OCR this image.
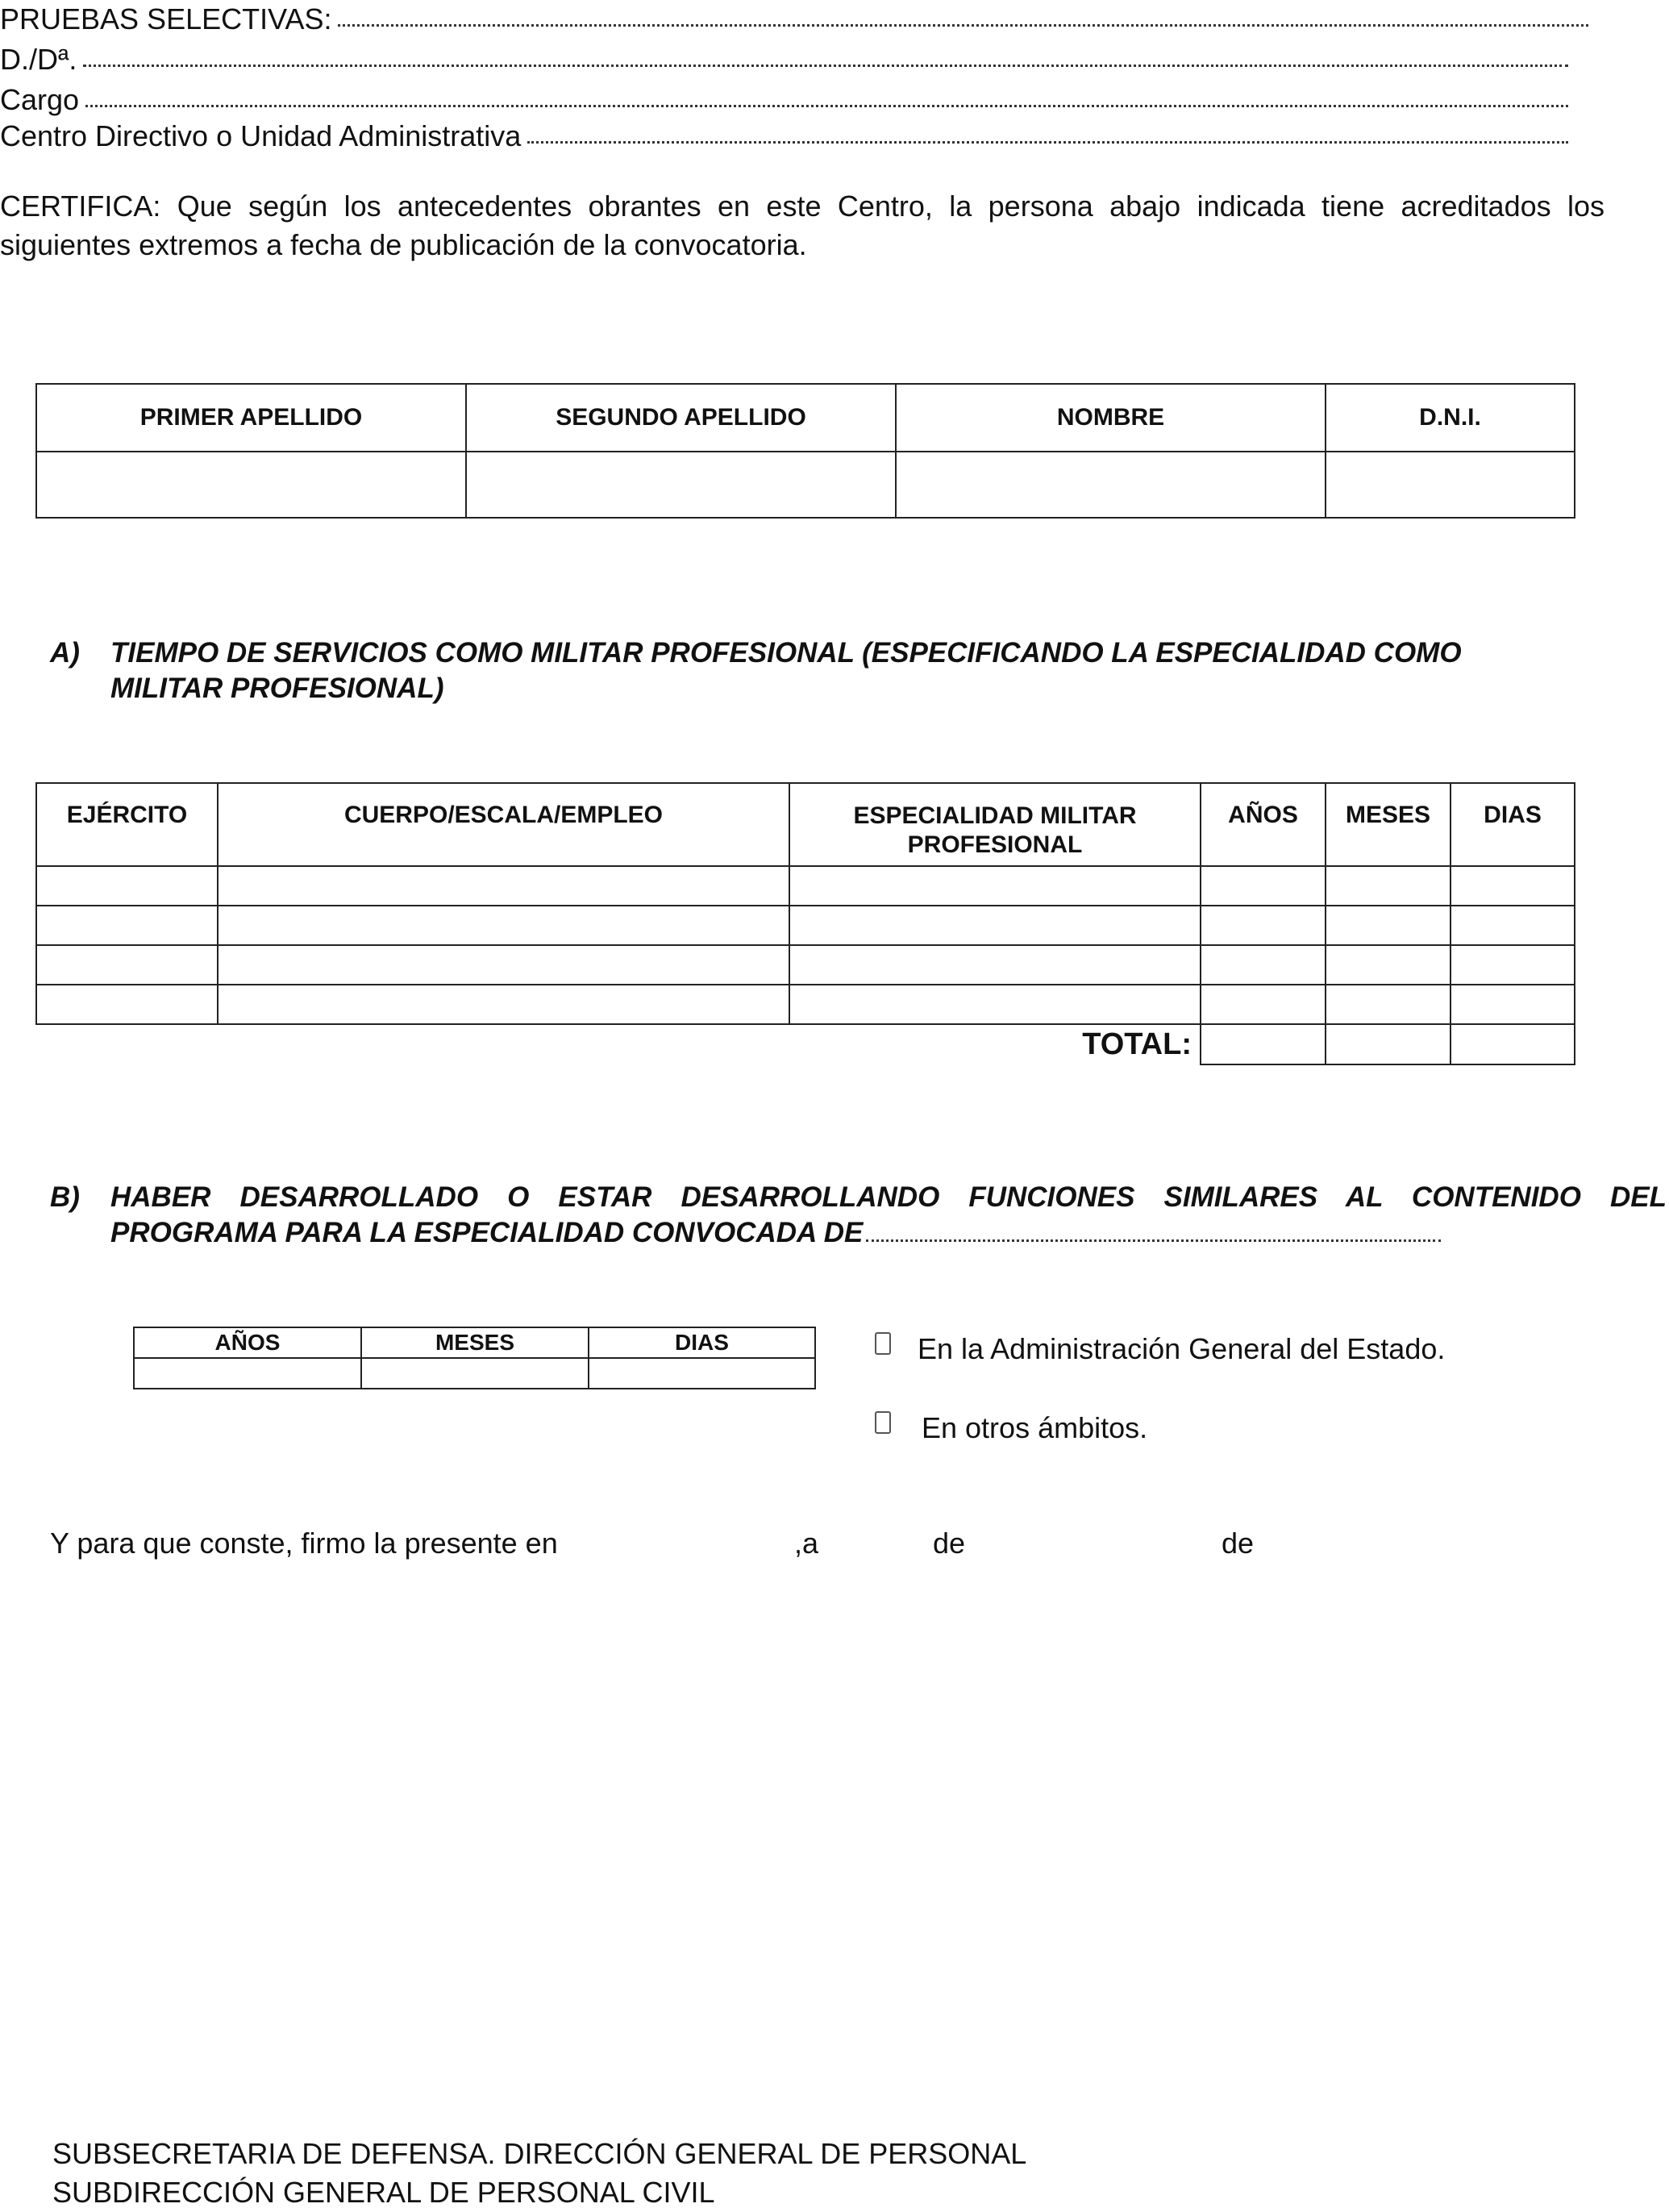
PRUEBAS SELECTIVAS:
D./Dª.
Cargo
Centro Directivo o Unidad Administrativa
CERTIFICA: Que según los antecedentes obrantes en este Centro, la persona abajo indicada tiene acreditados los siguientes extremos a fecha de publicación de la convocatoria.
PRIMER APELLIDO	SEGUNDO APELLIDO	NOMBRE	D.N.I.

A) TIEMPO DE SERVICIOS COMO MILITAR PROFESIONAL (ESPECIFICANDO LA ESPECIALIDAD COMO
MILITAR PROFESIONAL)
EJÉRCITO	CUERPO/ESCALA/EMPLEO	ESPECIALIDAD MILITAR PROFESIONAL	AÑOS	MESES	DIAS

TOTAL:					
B) HABER DESARROLLADO O ESTAR DESARROLLANDO FUNCIONES SIMILARES AL CONTENIDO DEL
PROGRAMA PARA LA ESPECIALIDAD CONVOCADA DE
AÑOS	MESES	DIAS
			En la Administración General del Estado.
En otros ámbitos.
Y para que conste, firmo la presente en	,a	de	de
SUBSECRETARIA DE DEFENSA. DIRECCIÓN GENERAL DE PERSONAL
SUBDIRECCIÓN GENERAL DE PERSONAL CIVIL
